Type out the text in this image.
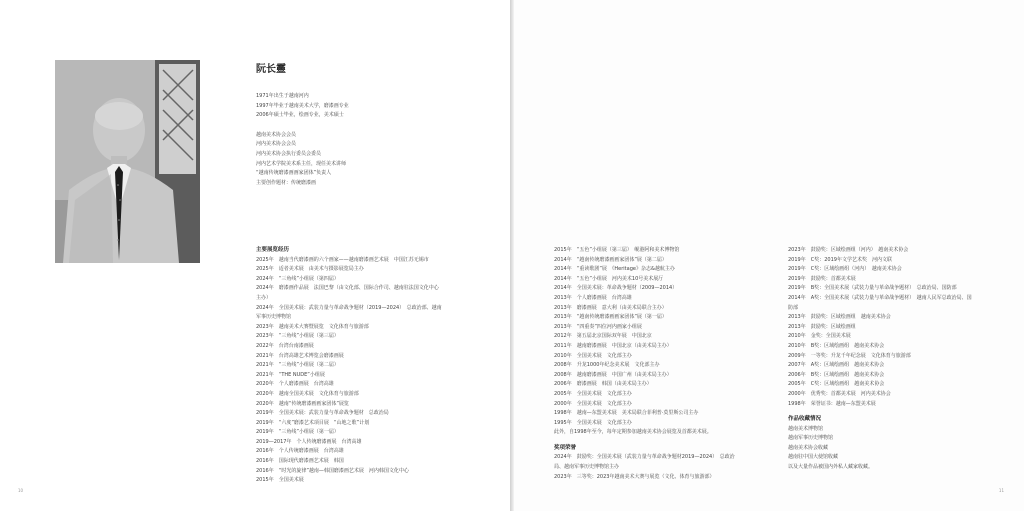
阮长靈
1971年出生于越南河内
1997年毕业于越南美术大学，磨漆画专业
2006年硕士毕业，绘画专业，美术硕士
越南美术协会会员
河内美术协会会员
河内美术协会执行委员会委员
河内艺术学院美术系主任，现任美术讲师
“越南传统磨漆画画家团体”负责人
主要创作题材：传统磨漆画
主要展览经历
2025年　越南当代磨漆画的六个画家——越南磨漆画艺术展　中国江苏无锡市
2025年　适者美术展　由美术与摄影展览局主办
2024年　“三角线”小组展（第四届）
2024年　磨漆画作品展　法国巴黎（由文化部、国际合作司、越南驻法国文化中心
主办）
2024年　全国美术展：武装力量与革命战争题材（2019—2024）　总政治部、越南
军事历史博物馆
2023年　越南美术大赛暨展览　文化体育与旅游部
2023年　“三角线”小组展（第三届）
2022年　台湾台南漆画展
2021年　台湾高雄艺术博览会磨漆画展
2021年　“三角线”小组展（第二届）
2021年　“THE NUDE”小组展
2020年　个人磨漆画展　台湾高雄
2020年　越南全国美术展　文化体育与旅游部
2020年　越南“传统磨漆画画家团体”展览
2019年　全国美术展：武装力量与革命战争题材　总政治局
2019年　“六度”磨漆艺术项目展　“山地之歌”计划
2019年　“三角线”小组展（第一届）
2019—2017年　个人传统磨漆画展　台湾高雄
2016年　个人传统磨漆画展　台湾高雄
2016年　国际现代磨漆画艺术展　韩国
2016年　“时光的旋律”越南—韩国磨漆画艺术展　河内韩国文化中心
2015年　全国美术展
10
2015年　“五色”小组展（第三届）　岘港阿和美术博物馆
2014年　“越南传统磨漆画画家团体”展（第二届）
2014年　“重读歌剧”展　《Heritage》杂志&越航主办
2014年　“五色”小组展　河内美术10号美术展厅
2014年　全国美术展：革命战争题材（2009—2014）
2013年　个人磨漆画展　台湾高雄
2013年　磨漆画展　意大利（由美术局联合主办）
2013年　“越南传统磨漆画画家团体”展（第一届）
2013年　“四重奏”四位河内画家小组展
2012年　第五届北京国际双年展　中国北京
2011年　越南磨漆画展　中国北京（由美术局主办）
2010年　全国美术展　文化部主办
2008年　升龙1000年纪念美术展　文化部主办
2008年　越南磨漆画展　中国广州（由美术局主办）
2006年　磨漆画展　韩国（由美术局主办）
2005年　全国美术展　文化部主办
2000年　全国美术展　文化部主办
1998年　越南—东盟美术展　美术局联合菲利普·莫里斯公司主办
1995年　全国美术展　文化部主办
此外，自1998年至今，每年定期参加越南美术协会展览及首都美术展。
奖项荣誉
2024年　鼓励奖：全国美术展（武装力量与革命战争题材2019—2024）　总政治
局、越南军事历史博物馆主办
2023年　三等奖：2023年越南美术大赛与展览（文化、体育与旅游部）
2023年　鼓励奖：区域绘画组（河内）　越南美术协会
2019年　C奖：2019年文学艺术奖　河内文联
2019年　C奖：区域绘画组（河内）　越南美术协会
2019年　鼓励奖：首都美术展
2019年　B奖：全国美术展（武装力量与革命战争题材）　总政治局、国防部
2014年　A奖：全国美术展（武装力量与革命战争题材）　越南人民军总政治局、国
防部
2013年　鼓励奖：区域绘画组　越南美术协会
2013年　鼓励奖：区域绘画组
2010年　金奖：全国美术展
2010年　B奖：区域绘画组　越南美术协会
2009年　一等奖：升龙千年纪念展　文化体育与旅游部
2007年　A奖：区域绘画组　越南美术协会
2006年　B奖：区域绘画组　越南美术协会
2005年　C奖：区域绘画组　越南美术协会
2000年　优秀奖：首都美术展　河内美术协会
1998年　荣誉证书：越南—东盟美术展
作品收藏情况
越南美术博物馆
越南军事历史博物馆
越南美术协会收藏
越南驻中国大使馆收藏
以及大量作品被国内外私人藏家收藏。
11
